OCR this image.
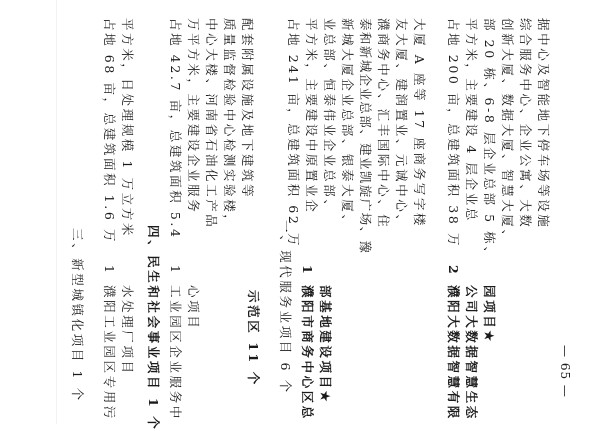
三、新型城镇化项目 1 个 1
濮阳工业园区专用污 水处理厂项目
占地 68 亩，总建筑面积 1.6 万 平方米，日处理规模 1 万立方米
四、民生和社会事业项目 1 个 1
工业园区企业服务中 心项目
占地 42.7 亩，总建筑面积 5.4 万平方米，主要建设企业服务 中心大楼、河南省石油化工产品 质量监督检验中心检测实验楼， 配套附属设施及地下建筑等
示范区 11 个 一、现代服务业项目 6 个 1
濮阳市商务中心区总 部基地建设项目 ★
占地 241 亩，总建筑面积 62 万 平方米，主要建设中原置业企 业总部、恒泰伟业企业总部、 新城大厦企业总部、银泰大厦、 泰和新城企业总部、建业凯旋广场、豫 濮商务中心、汇丰国际中心、住 友大厦、建润置业、元诚中心、 大厦 A 座等 17 座商务写字楼
2
濮阳大数据智慧有限 公司大数据智慧生态 园项目 ★
占地 200 亩，总建筑面积 38 万 平方米，主要建设 4 层企业总 部 20 栋、6-8 层企业总部 5 栋、 创新大厦、数据大厦、智慧大厦、 综合服务中心、企业公寓、大数 据中心及智能地下停车场等设施
— 65 —
